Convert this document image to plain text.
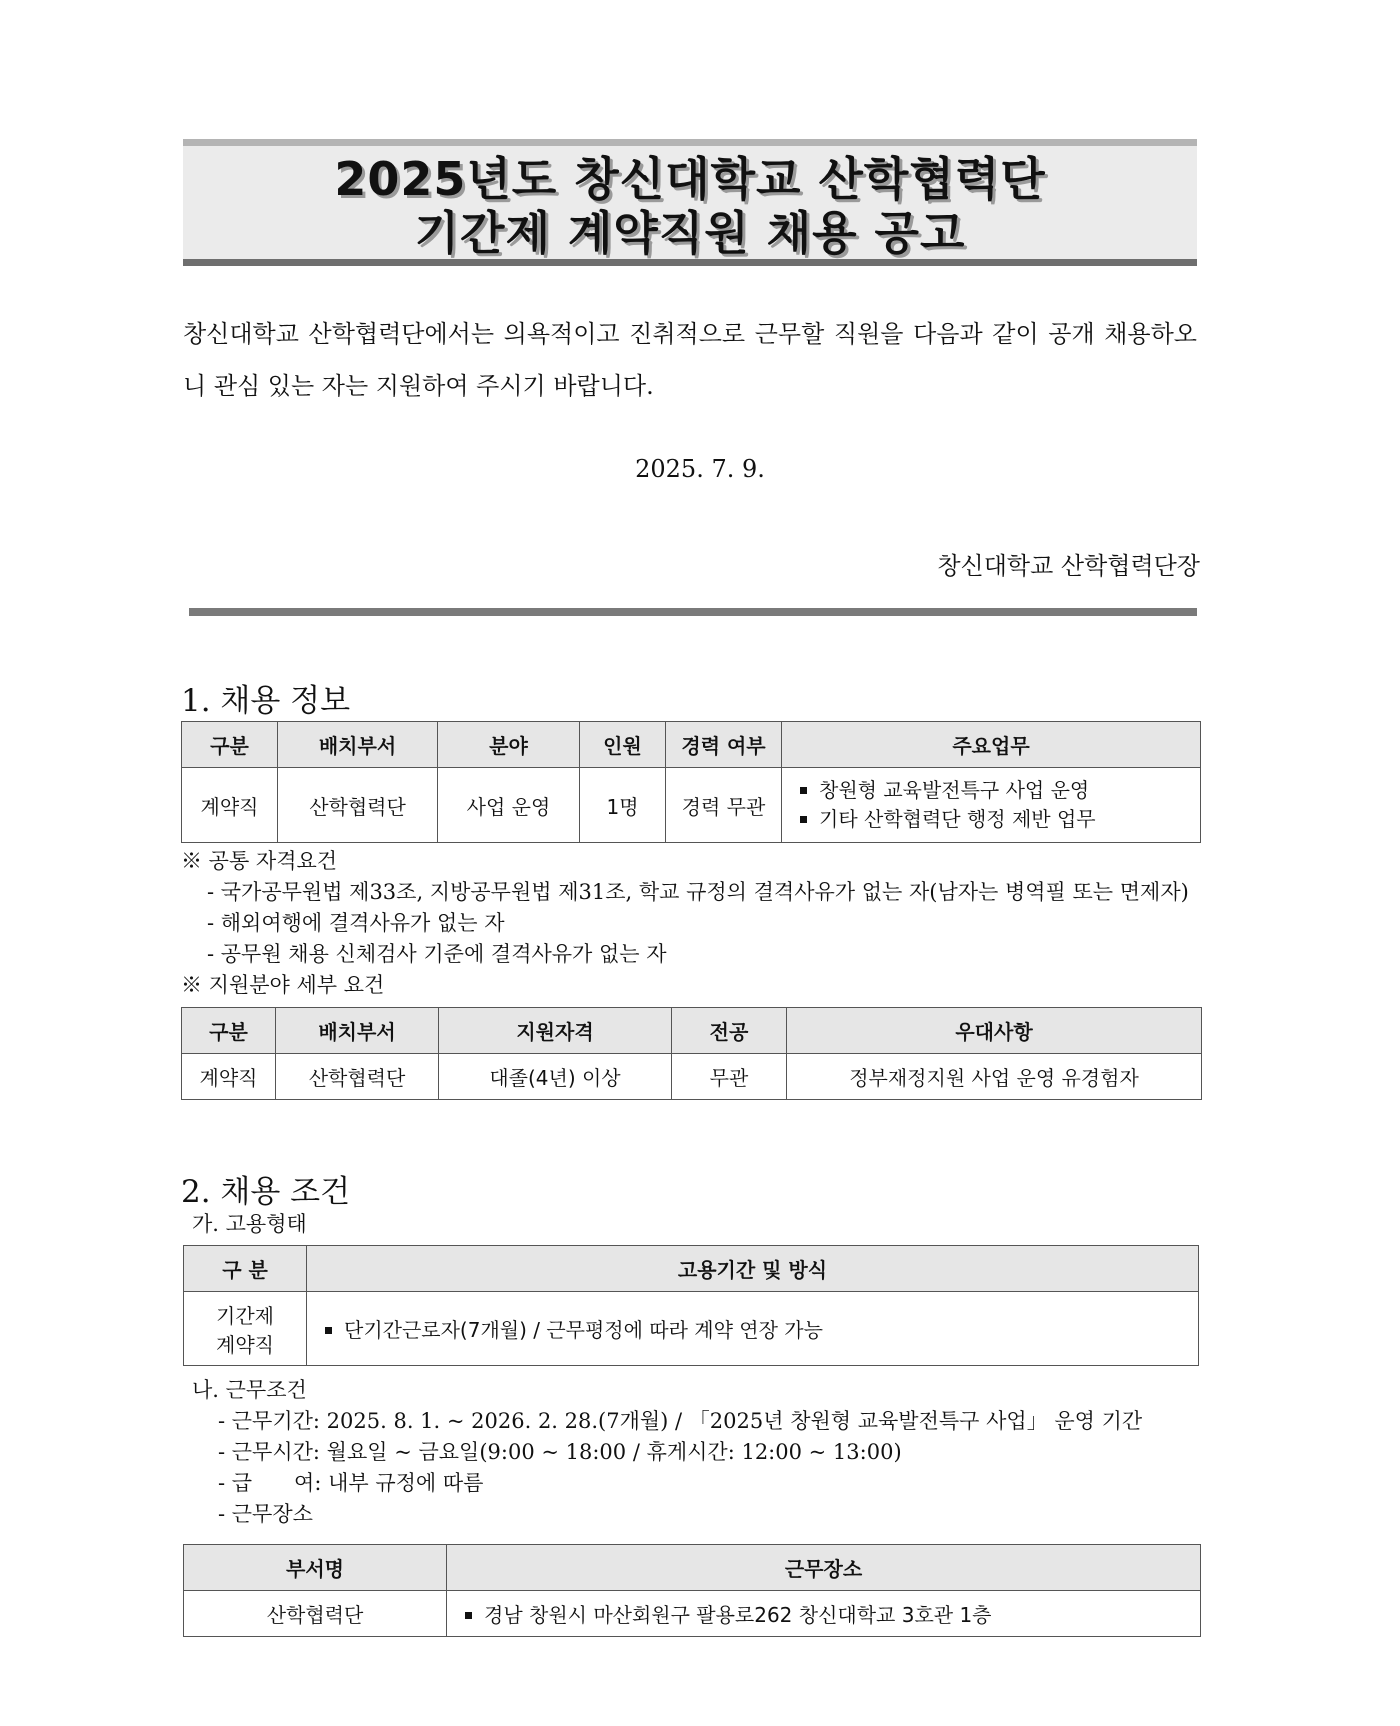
2025년도 창신대학교 산학협력단
기간제 계약직원 채용 공고
창신대학교 산학협력단에서는 의욕적이고 진취적으로 근무할 직원을 다음과 같이 공개 채용하오니 관심 있는 자는 지원하여 주시기 바랍니다.
2025. 7. 9.
창신대학교 산학협력단장
1. 채용 정보
구분	배치부서	분야	인원	경력 여부	주요업무
계약직	산학협력단	사업 운영	1명	경력 무관	창원형 교육발전특구 사업 운영
기타 산학협력단 행정 제반 업무
※ 공통 자격요건
- 국가공무원법 제33조, 지방공무원법 제31조, 학교 규정의 결격사유가 없는 자(남자는 병역필 또는 면제자)
- 해외여행에 결격사유가 없는 자
- 공무원 채용 신체검사 기준에 결격사유가 없는 자
※ 지원분야 세부 요건
구분	배치부서	지원자격	전공	우대사항
계약직	산학협력단	대졸(4년) 이상	무관	정부재정지원 사업 운영 유경험자
2. 채용 조건
가. 고용형태
구 분	고용기간 및 방식

기간제
계약직	단기간근로자(7개월) / 근무평정에 따라 계약 연장 가능
나. 근무조건
- 근무기간: 2025. 8. 1. ~ 2026. 2. 28.(7개월) / 「2025년 창원형 교육발전특구 사업」 운영 기간
- 근무시간: 월요일 ~ 금요일(9:00 ~ 18:00 / 휴게시간: 12:00 ~ 13:00)
- 급　　여: 내부 규정에 따름
- 근무장소
부서명	근무장소
산학협력단	경남 창원시 마산회원구 팔용로262 창신대학교 3호관 1층
